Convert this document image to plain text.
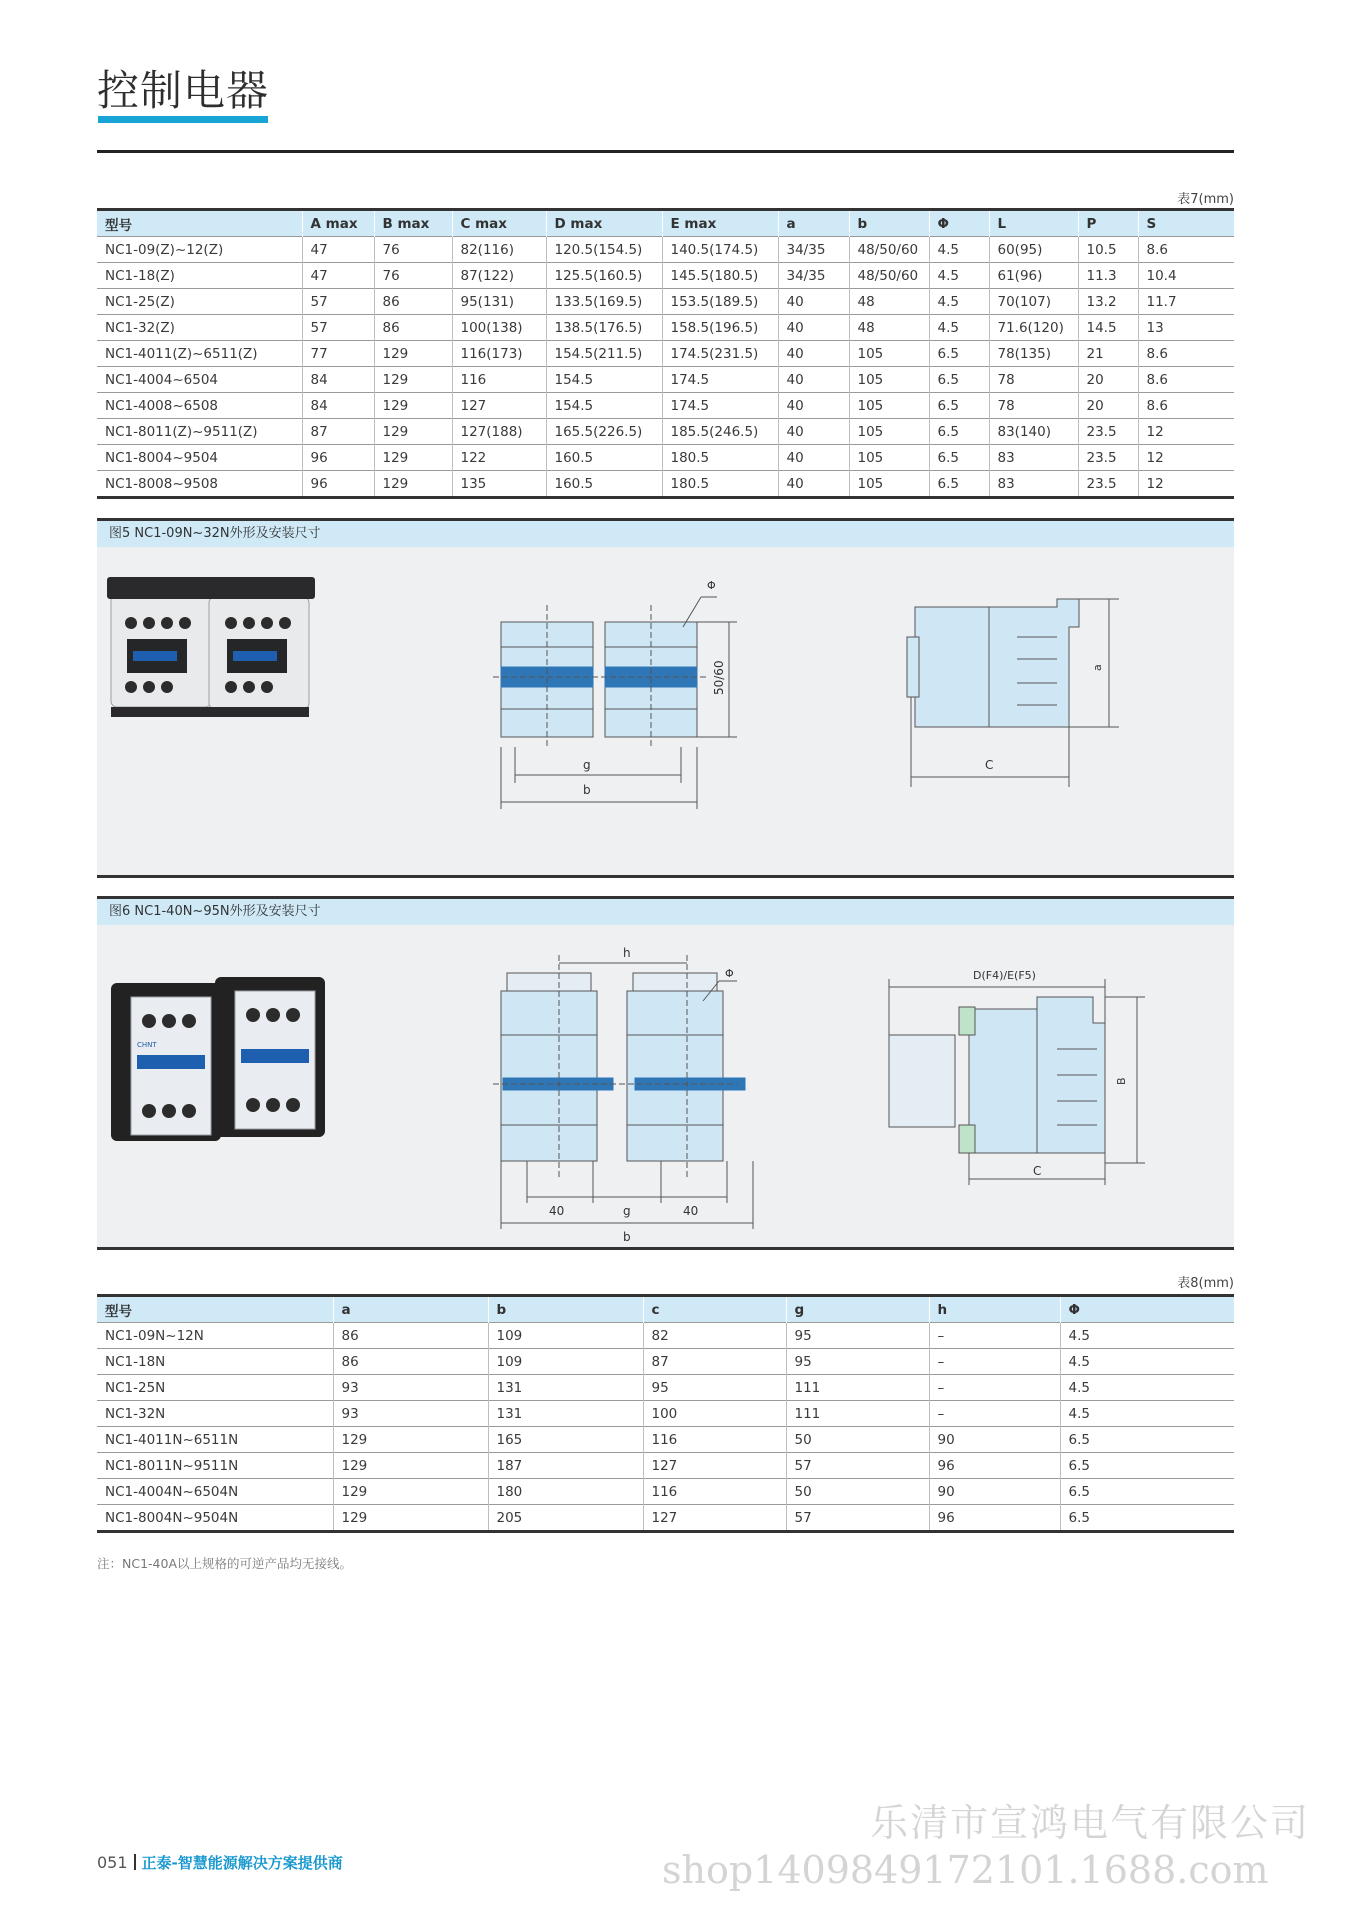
控制电器
表7(mm)
型号	A max	B max	C max	D max	E max	a	b	Φ	L	P	S
NC1-09(Z)~12(Z)	47	76	82(116)	120.5(154.5)	140.5(174.5)	34/35	48/50/60	4.5	60(95)	10.5	8.6
NC1-18(Z)	47	76	87(122)	125.5(160.5)	145.5(180.5)	34/35	48/50/60	4.5	61(96)	11.3	10.4
NC1-25(Z)	57	86	95(131)	133.5(169.5)	153.5(189.5)	40	48	4.5	70(107)	13.2	11.7
NC1-32(Z)	57	86	100(138)	138.5(176.5)	158.5(196.5)	40	48	4.5	71.6(120)	14.5	13
NC1-4011(Z)~6511(Z)	77	129	116(173)	154.5(211.5)	174.5(231.5)	40	105	6.5	78(135)	21	8.6
NC1-4004~6504	84	129	116	154.5	174.5	40	105	6.5	78	20	8.6
NC1-4008~6508	84	129	127	154.5	174.5	40	105	6.5	78	20	8.6
NC1-8011(Z)~9511(Z)	87	129	127(188)	165.5(226.5)	185.5(246.5)	40	105	6.5	83(140)	23.5	12
NC1-8004~9504	96	129	122	160.5	180.5	40	105	6.5	83	23.5	12
NC1-8008~9508	96	129	135	160.5	180.5	40	105	6.5	83	23.5	12
图5 NC1-09N~32N外形及安装尺寸
g
b
Φ
50/60	a
C
图6 NC1-40N~95N外形及安装尺寸
CHNT
h
Φ
40	g	40
b
D(F4)/E(F5)
B
C
表8(mm)
型号	a	b	c	g	h	Φ
NC1-09N~12N	86	109	82	95	–	4.5
NC1-18N	86	109	87	95	–	4.5
NC1-25N	93	131	95	111	–	4.5
NC1-32N	93	131	100	111	–	4.5
NC1-4011N~6511N	129	165	116	50	90	6.5
NC1-8011N~9511N	129	187	127	57	96	6.5
NC1-4004N~6504N	129	180	116	50	90	6.5
NC1-8004N~9504N	129	205	127	57	96	6.5
注：NC1-40A以上规格的可逆产品均无接线。
051 正泰-智慧能源解决方案提供商
乐清市宣鸿电气有限公司
shop1409849172101.1688.com
